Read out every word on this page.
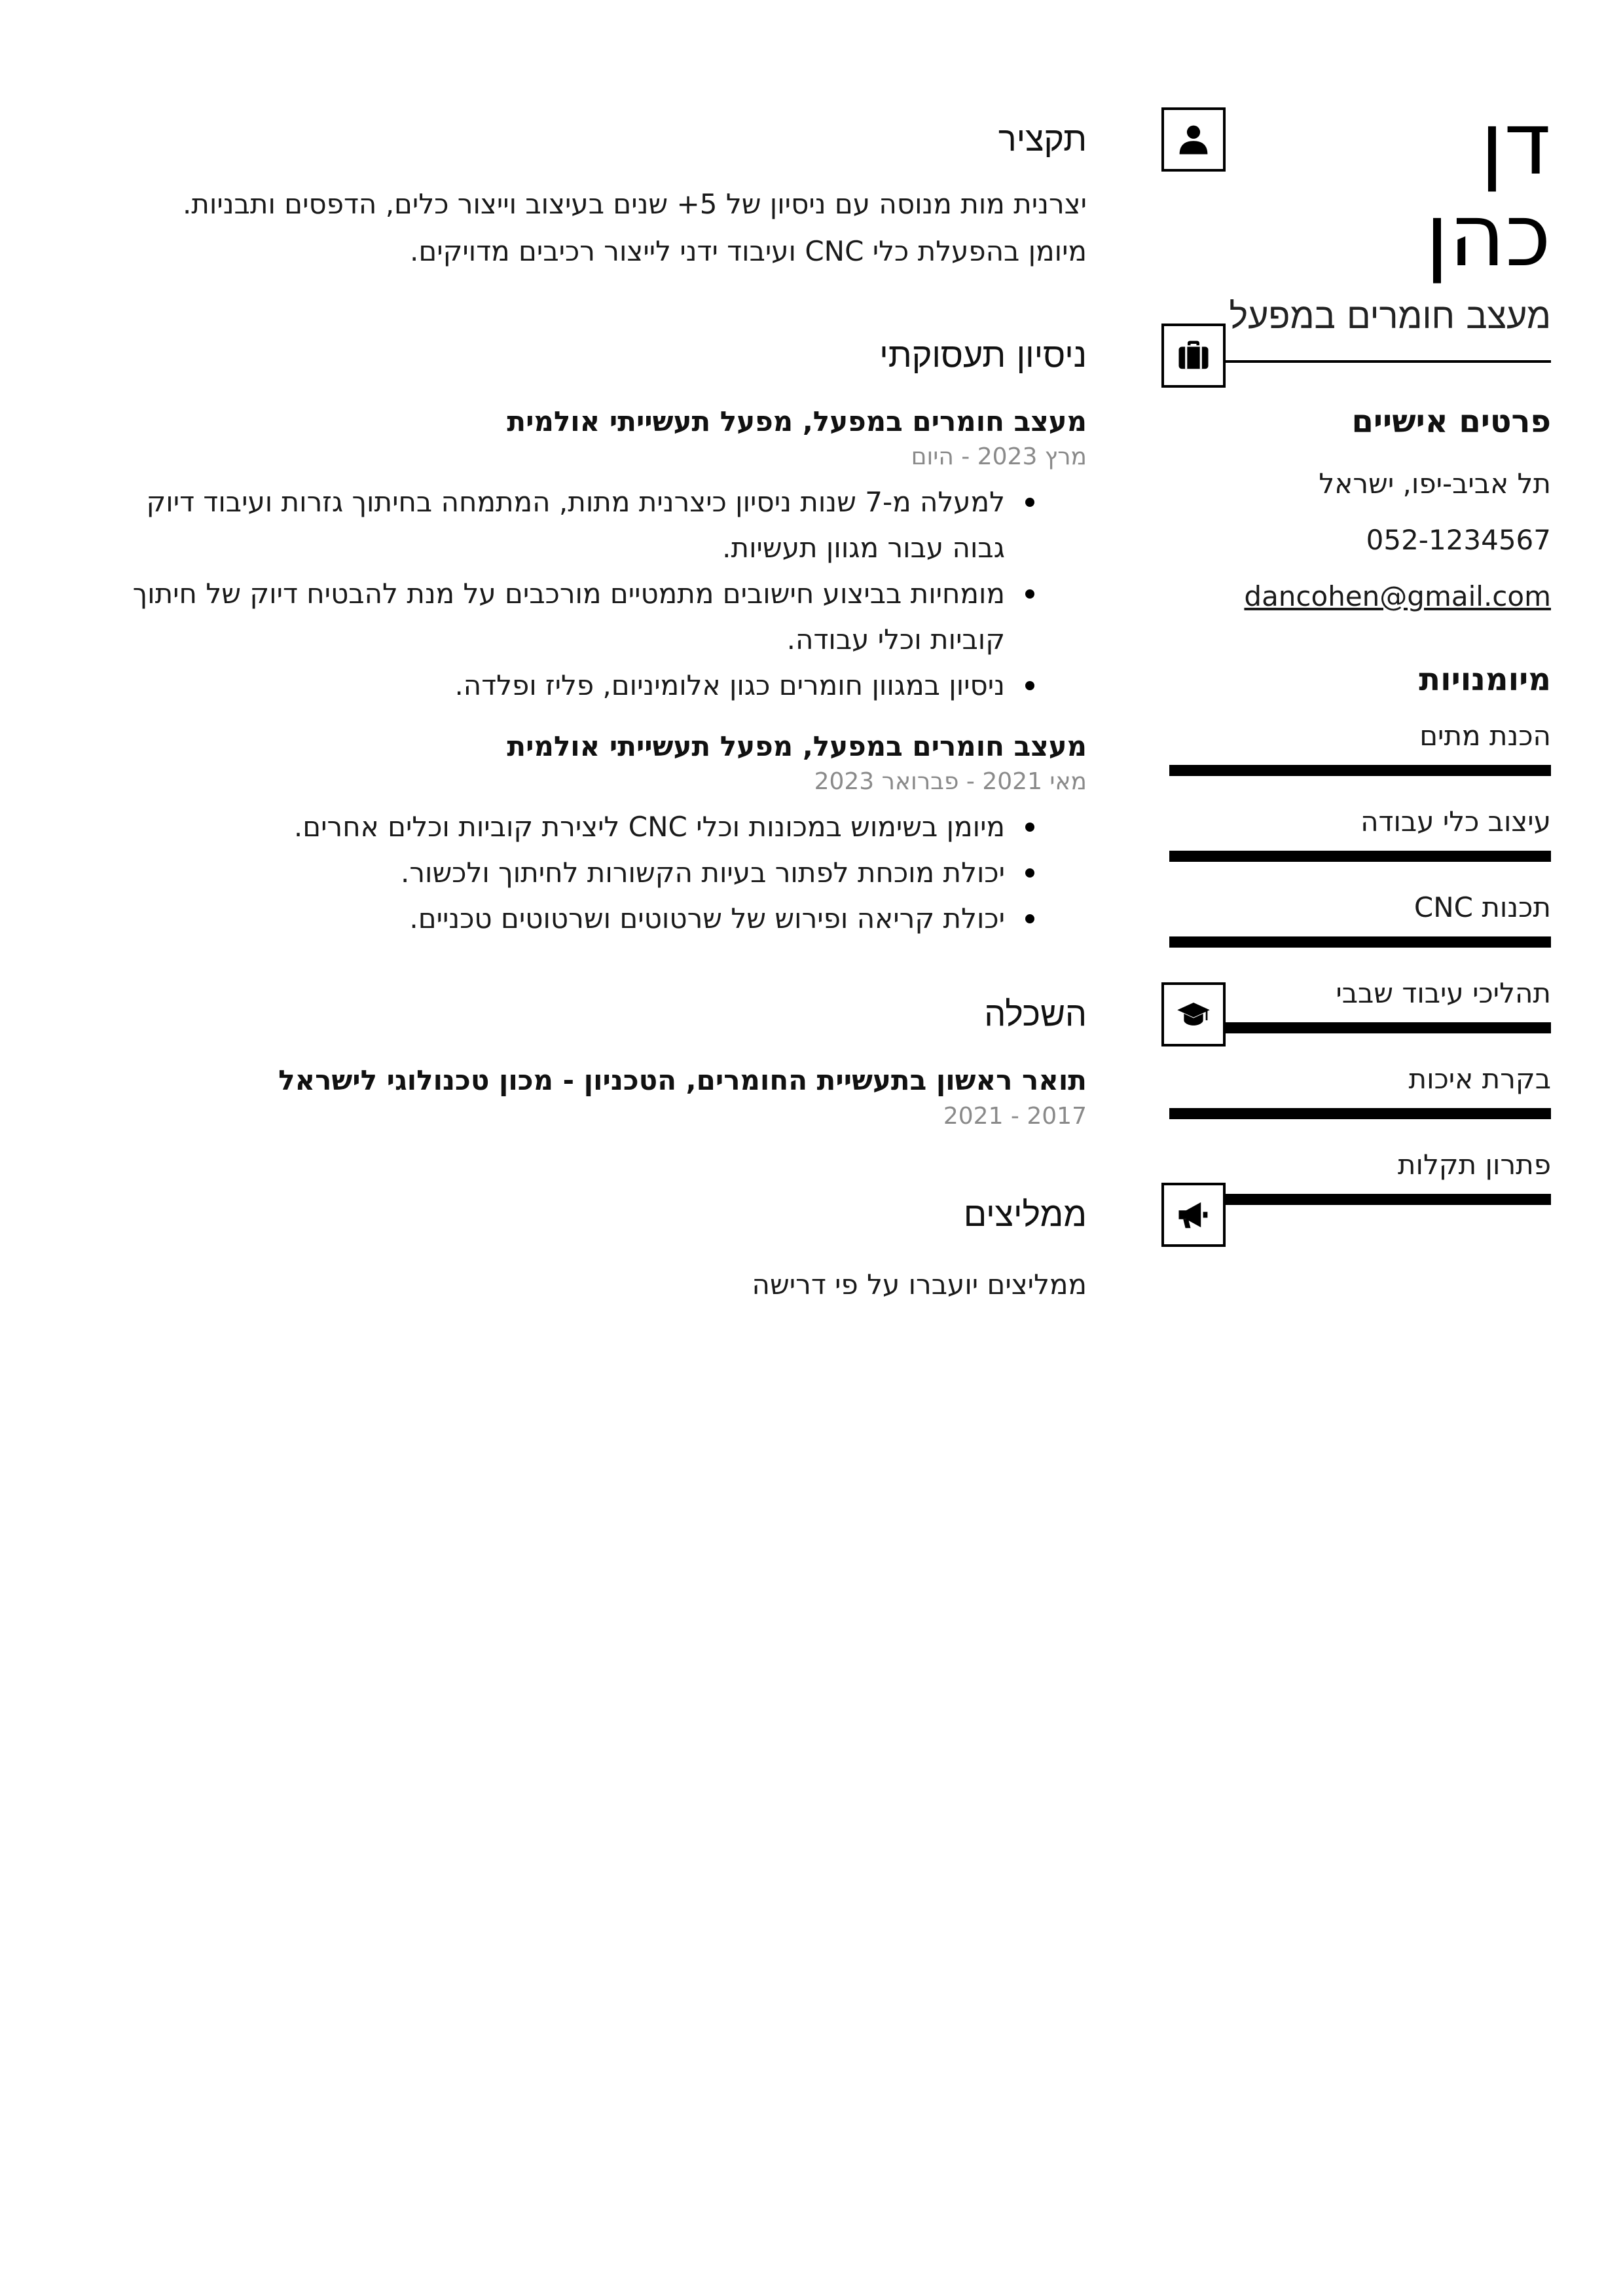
דן
כהן
מעצב חומרים במפעל
פרטים אישיים
תל אביב-יפו, ישראל
052-1234567
dancohen@gmail.com
מיומנויות
הכנת מתים
עיצוב כלי עבודה
תכנות CNC
תהליכי עיבוד שבבי
בקרת איכות
פתרון תקלות
תקציר

יצרנית מות מנוסה עם ניסיון של 5+ שנים בעיצוב וייצור כלים, הדפסים ותבניות. מיומן בהפעלת כלי CNC ועיבוד ידני לייצור רכיבים מדויקים.

ניסיון תעסוקתי
מעצב חומרים במפעל, מפעל תעשייתי אולמית
מרץ 2023 - היום
למעלה מ-7 שנות ניסיון כיצרנית מתות, המתמחה בחיתוך גזרות ועיבוד דיוק גבוה עבור מגוון תעשיות.
מומחיות בביצוע חישובים מתמטיים מורכבים על מנת להבטיח דיוק של חיתוך קוביות וכלי עבודה.
ניסיון במגוון חומרים כגון אלומיניום, פליז ופלדה.
מעצב חומרים במפעל, מפעל תעשייתי אולמית
מאי 2021 - פברואר 2023
מיומן בשימוש במכונות וכלי CNC ליצירת קוביות וכלים אחרים.
יכולת מוכחת לפתור בעיות הקשורות לחיתוך ולכשור.
יכולת קריאה ופירוש של שרטוטים ושרטוטים טכניים.
השכלה
תואר ראשון בתעשיית החומרים, הטכניון - מכון טכנולוגי לישראל
2017 - 2021
ממליצים

ממליצים יועברו על פי דרישה
